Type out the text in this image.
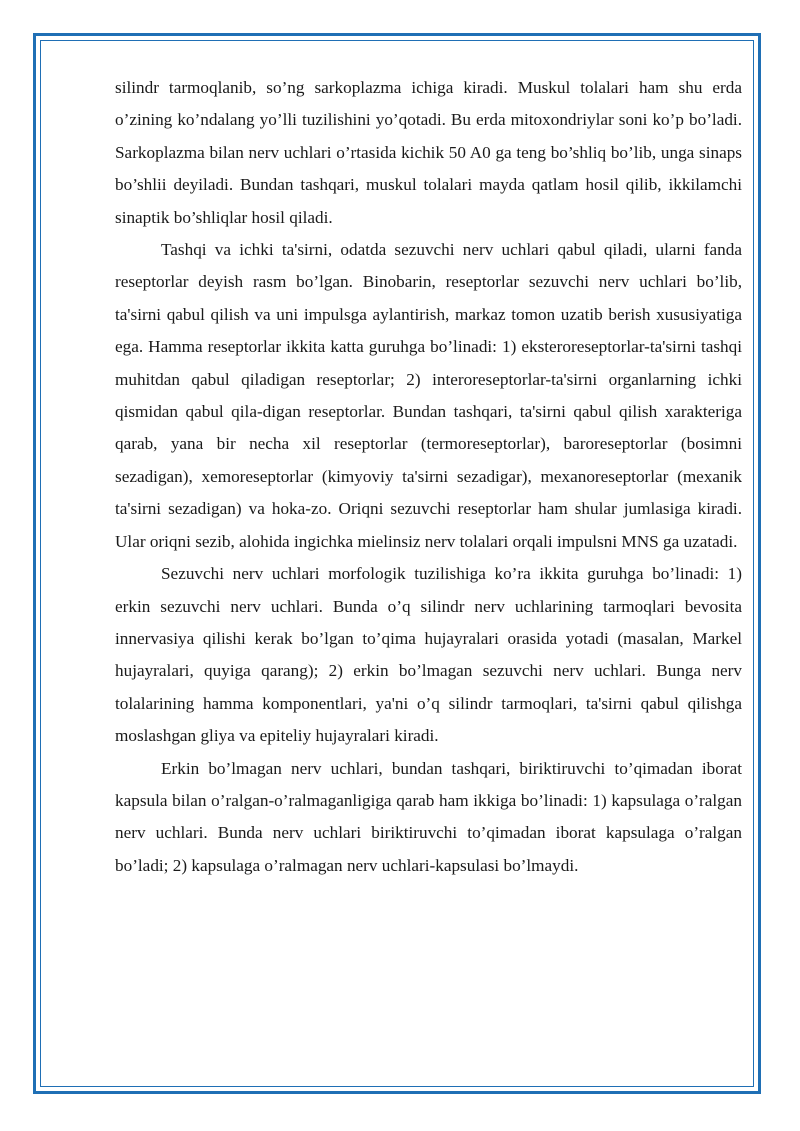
silindr tarmoqlanib, so’ng sarkoplazma ichiga kiradi. Muskul tolalari ham shu erda o’zining ko’ndalang yo’lli tuzilishini yo’qotadi. Bu erda mitoxondriylar soni ko’p bo’ladi. Sarkoplazma bilan nerv uchlari o’rtasida kichik 50 A0 ga teng bo’shliq bo’lib, unga sinaps bo’shlii deyiladi. Bundan tashqari, muskul tolalari mayda qatlam hosil qilib, ikkilamchi sinaptik bo’shliqlar hosil qiladi.

Tashqi va ichki ta'sirni, odatda sezuvchi nerv uchlari qabul qiladi, ularni fanda reseptorlar deyish rasm bo’lgan. Binobarin, reseptorlar sezuvchi nerv uchlari bo’lib, ta'sirni qabul qilish va uni impulsga aylantirish, markaz tomon uzatib berish xususiyatiga ega. Hamma reseptorlar ikkita katta guruhga bo’linadi: 1) eksteroreseptorlar-ta'sirni tashqi muhitdan qabul qiladigan reseptorlar; 2) interoreseptorlar-ta'sirni organlarning ichki qismidan qabul qila-digan reseptorlar. Bundan tashqari, ta'sirni qabul qilish xarakteriga qarab, yana bir necha xil reseptorlar (termoreseptorlar), baroreseptorlar (bosimni sezadigan), xemoreseptorlar (kimyoviy ta'sirni sezadigar), mexanoreseptorlar (mexanik ta'sirni sezadigan) va hoka-zo. Oriqni sezuvchi reseptorlar ham shular jumlasiga kiradi. Ular oriqni sezib, alohida ingichka mielinsiz nerv tolalari orqali impulsni MNS ga uzatadi.

Sezuvchi nerv uchlari morfologik tuzilishiga ko’ra ikkita guruhga bo’linadi: 1) erkin sezuvchi nerv uchlari. Bunda o’q silindr nerv uchlarining tarmoqlari bevosita innervasiya qilishi kerak bo’lgan to’qima hujayralari orasida yotadi (masalan, Markel hujayralari, quyiga qarang); 2) erkin bo’lmagan sezuvchi nerv uchlari. Bunga nerv tolalarining hamma komponentlari, ya'ni o’q silindr tarmoqlari, ta'sirni qabul qilishga moslashgan gliya va epiteliy hujayralari kiradi.

Erkin bo’lmagan nerv uchlari, bundan tashqari, biriktiruvchi to’qimadan iborat kapsula bilan o’ralgan-o’ralmaganligiga qarab ham ikkiga bo’linadi: 1) kapsulaga o’ralgan nerv uchlari. Bunda nerv uchlari biriktiruvchi to’qimadan iborat kapsulaga o’ralgan bo’ladi; 2) kapsulaga o’ralmagan nerv uchlari-kapsulasi bo’lmaydi.
